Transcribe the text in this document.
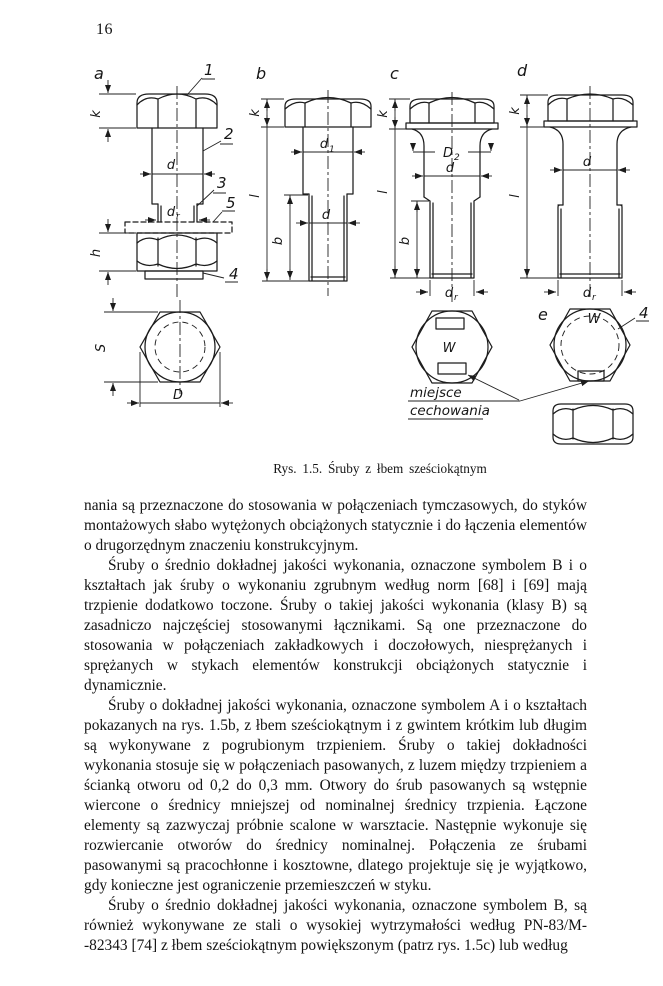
16
a	1
2
3
5
4
k
h
d
d r
S
D
b
k
l
b
d 1
d
c
k
l
b
D 2
d
d r
d
k
l
d
d r
W
miejsce
cechowania
e	W	4
Rys. 1.5. Śruby z łbem sześciokątnym

nania są przeznaczone do stosowania w połączeniach tymczasowych, do styków montażowych słabo wytężonych obciążonych statycznie i do łączenia elementów o drugorzędnym znaczeniu konstrukcyjnym.

Śruby o średnio dokładnej jakości wykonania, oznaczone symbolem B i o kształtach jak śruby o wykonaniu zgrubnym według norm [68] i [69] mają trzpienie dodatkowo toczone. Śruby o takiej jakości wykonania (klasy B) są zasadniczo najczęściej stosowanymi łącznikami. Są one przeznaczone do stosowania w połączeniach zakładkowych i doczołowych, niesprężanych i sprężanych w stykach elementów konstrukcji obciążonych statycznie i dynamicznie.

Śruby o dokładnej jakości wykonania, oznaczone symbolem A i o kształtach pokazanych na rys. 1.5b, z łbem sześciokątnym i z gwintem krótkim lub długim są wykonywane z pogrubionym trzpieniem. Śruby o takiej dokładności wykonania stosuje się w połączeniach pasowanych, z luzem między trzpieniem a ścianką otworu od 0,2 do 0,3 mm. Otwory do śrub pasowanych są wstępnie wiercone o średnicy mniejszej od nominalnej średnicy trzpienia. Łączone elementy są zazwyczaj próbnie scalone w warsztacie. Następnie wykonuje się rozwiercanie otworów do średnicy nominalnej. Połączenia ze śrubami pasowanymi są pracochłonne i kosztowne, dlatego projektuje się je wyjątkowo, gdy konieczne jest ograniczenie przemieszczeń w styku.

Śruby o średnio dokładnej jakości wykonania, oznaczone symbolem B, są również wykonywane ze stali o wysokiej wytrzymałości według PN-83/M- -82343 [74] z łbem sześciokątnym powiększonym (patrz rys. 1.5c) lub według
